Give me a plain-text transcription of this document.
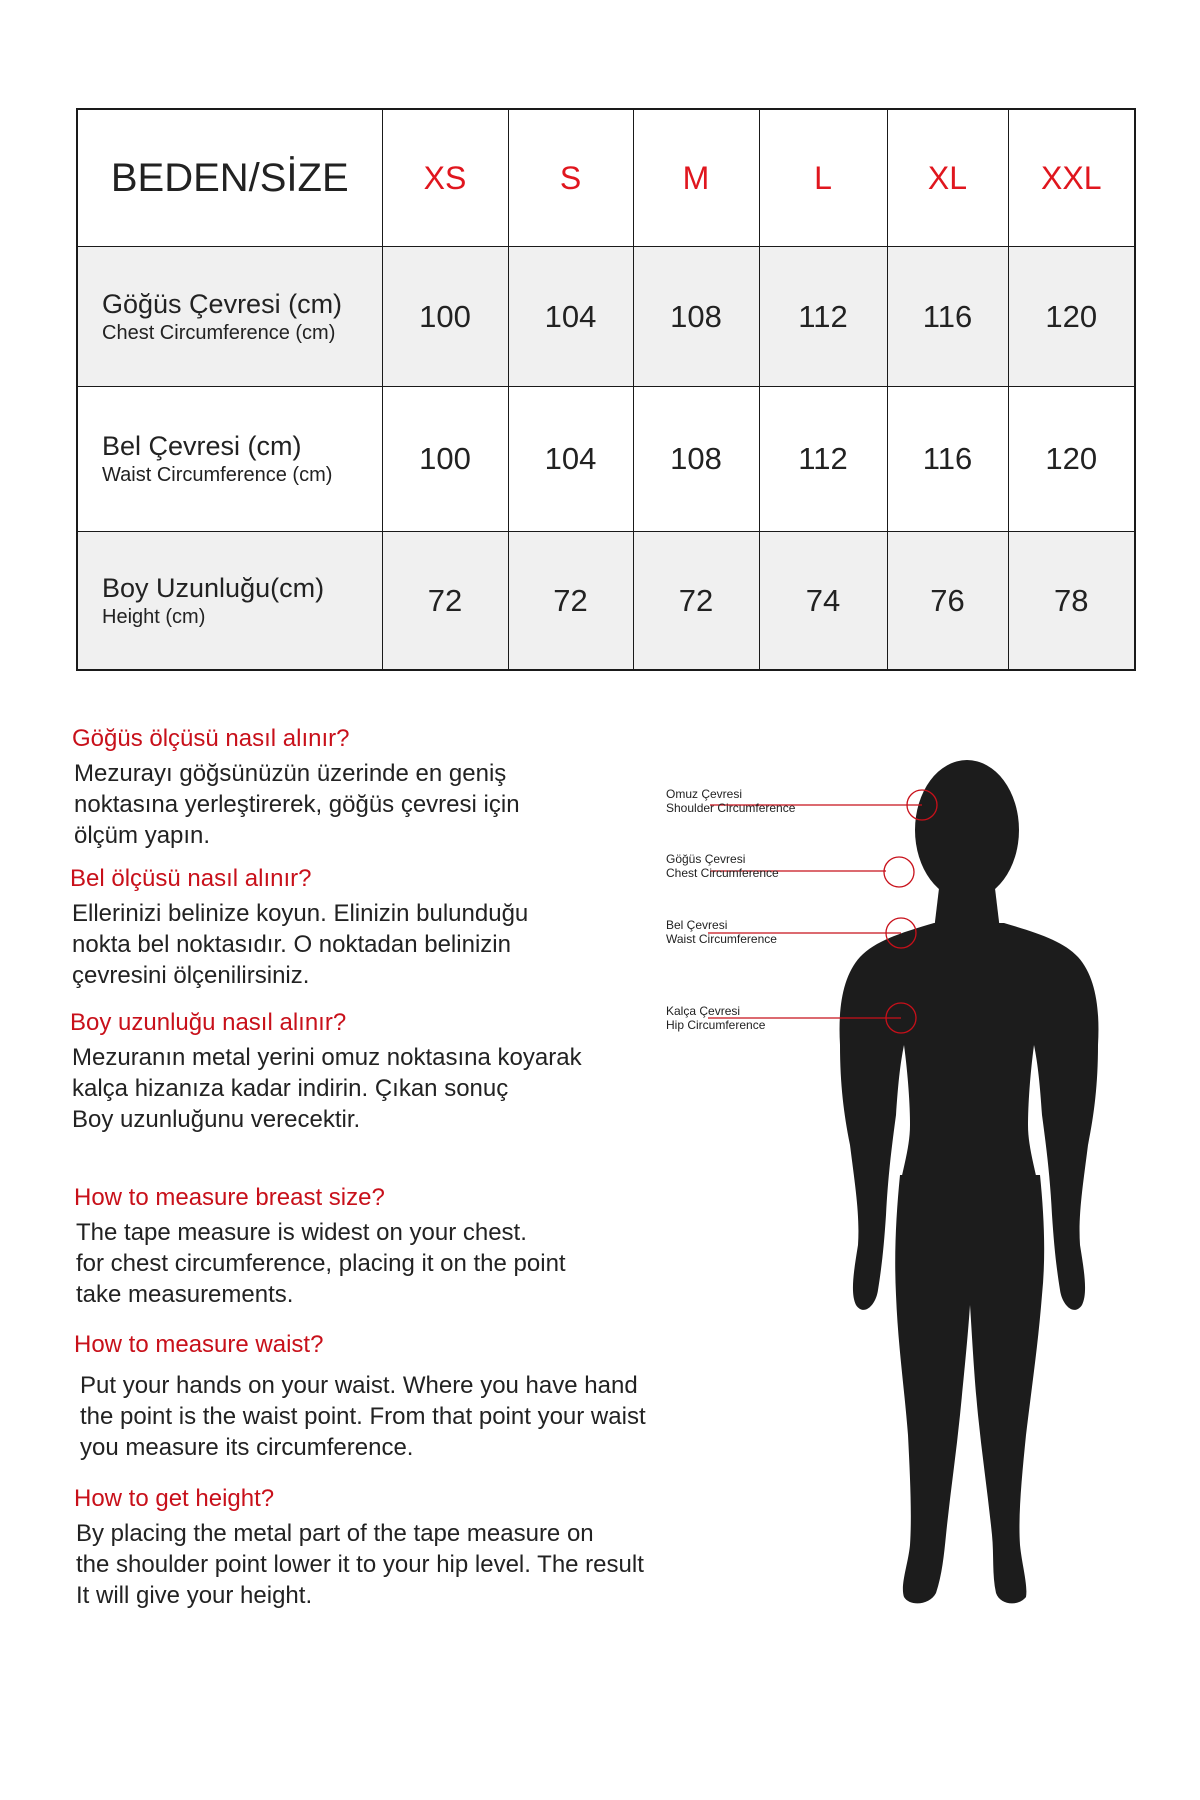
BEDEN/SİZE	XS	S	M	L	XL	XXL

Göğüs Çevresi (cm)
Chest Circumference (cm)	100	104	108	112	116	120

Bel Çevresi (cm)
Waist Circumference (cm)	100	104	108	112	116	120

Boy Uzunluğu(cm)
Height (cm)	72	72	72	74	76	78

Göğüs ölçüsü nasıl alınır?

Mezurayı göğsünüzün üzerinde en geniş
noktasına yerleştirerek, göğüs çevresi için
ölçüm yapın.

Bel ölçüsü nasıl alınır?

Ellerinizi belinize koyun. Elinizin bulunduğu
nokta bel noktasıdır. O noktadan belinizin
çevresini ölçenilirsiniz.

Boy uzunluğu nasıl alınır?

Mezuranın metal yerini omuz noktasına koyarak
kalça hizanıza kadar indirin. Çıkan sonuç
Boy uzunluğunu verecektir.

How to measure breast size?

The tape measure is widest on your chest.
for chest circumference, placing it on the point
take measurements.

How to measure waist?

Put your hands on your waist. Where you have hand
the point is the waist point. From that point your waist
you measure its circumference.

How to get height?

By placing the metal part of the tape measure on
the shoulder point lower it to your hip level. The result
It will give your height.

Omuz Çevresi
Shoulder Circumference
Göğüs Çevresi
Chest Circumference
Bel Çevresi
Waist Circumference
Kalça Çevresi
Hip Circumference
